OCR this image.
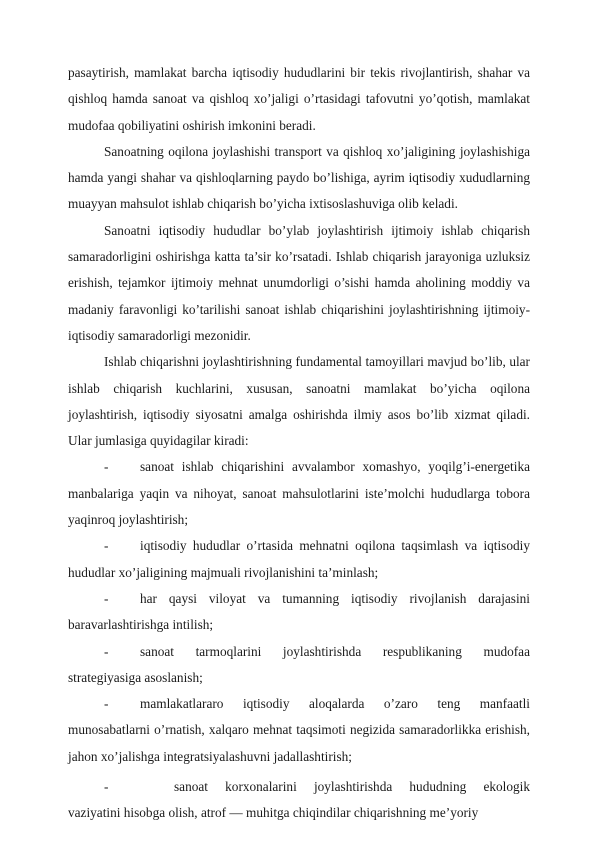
pasaytirish, mamlakat barcha iqtisodiy hududlarini bir tekis rivojlantirish, shahar va qishloq hamda sanoat va qishloq xo’jaligi o’rtasidagi tafovutni yo’qotish, mamlakat mudofaa qobiliyatini oshirish imkonini beradi.

Sanoatning oqilona joylashishi transport va qishloq xo’jaligining joylashishiga hamda yangi shahar va qishloqlarning paydo bo’lishiga, ayrim iqtisodiy xududlarning muayyan mahsulot ishlab chiqarish bo’yicha ixtisoslashuviga olib keladi.

Sanoatni iqtisodiy hududlar bo’ylab joylashtirish ijtimoiy ishlab chiqarish samaradorligini oshirishga katta ta’sir ko’rsatadi. Ishlab chiqarish jarayoniga uzluksiz erishish, tejamkor ijtimoiy mehnat unumdorligi o’sishi hamda aholining moddiy va madaniy faravonligi ko’tarilishi sanoat ishlab chiqarishini joylashtirishning ijtimoiy-iqtisodiy samaradorligi mezonidir.

Ishlab chiqarishni joylashtirishning fundamental tamoyillari mavjud bo’lib, ular ishlab chiqarish kuchlarini, xususan, sanoatni mamlakat bo’yicha oqilona joylashtirish, iqtisodiy siyosatni amalga oshirishda ilmiy asos bo’lib xizmat qiladi. Ular jumlasiga quyidagilar kiradi:

- sanoat ishlab chiqarishini avvalambor xomashyo, yoqilg’i-energetika manbalariga yaqin va nihoyat, sanoat mahsulotlarini iste’molchi hududlarga tobora yaqinroq joylashtirish;

- iqtisodiy hududlar o’rtasida mehnatni oqilona taqsimlash va iqtisodiy hududlar xo’jaligining majmuali rivojlanishini ta’minlash;

- har qaysi viloyat va tumanning iqtisodiy rivojlanish darajasini baravarlashtirishga intilish;

- sanoat tarmoqlarini joylashtirishda respublikaning mudofaa strategiyasiga asoslanish;

- mamlakatlararo iqtisodiy aloqalarda o’zaro teng manfaatli munosabatlarni o’rnatish, xalqaro mehnat taqsimoti negizida samaradorlikka erishish, jahon xo’jalishga integratsiyalashuvni jadallashtirish;

-	sanoat korxonalarini joylashtirishda hududning ekologik vaziyatini hisobga olish, atrof — muhitga chiqindilar chiqarishning me’yoriy
